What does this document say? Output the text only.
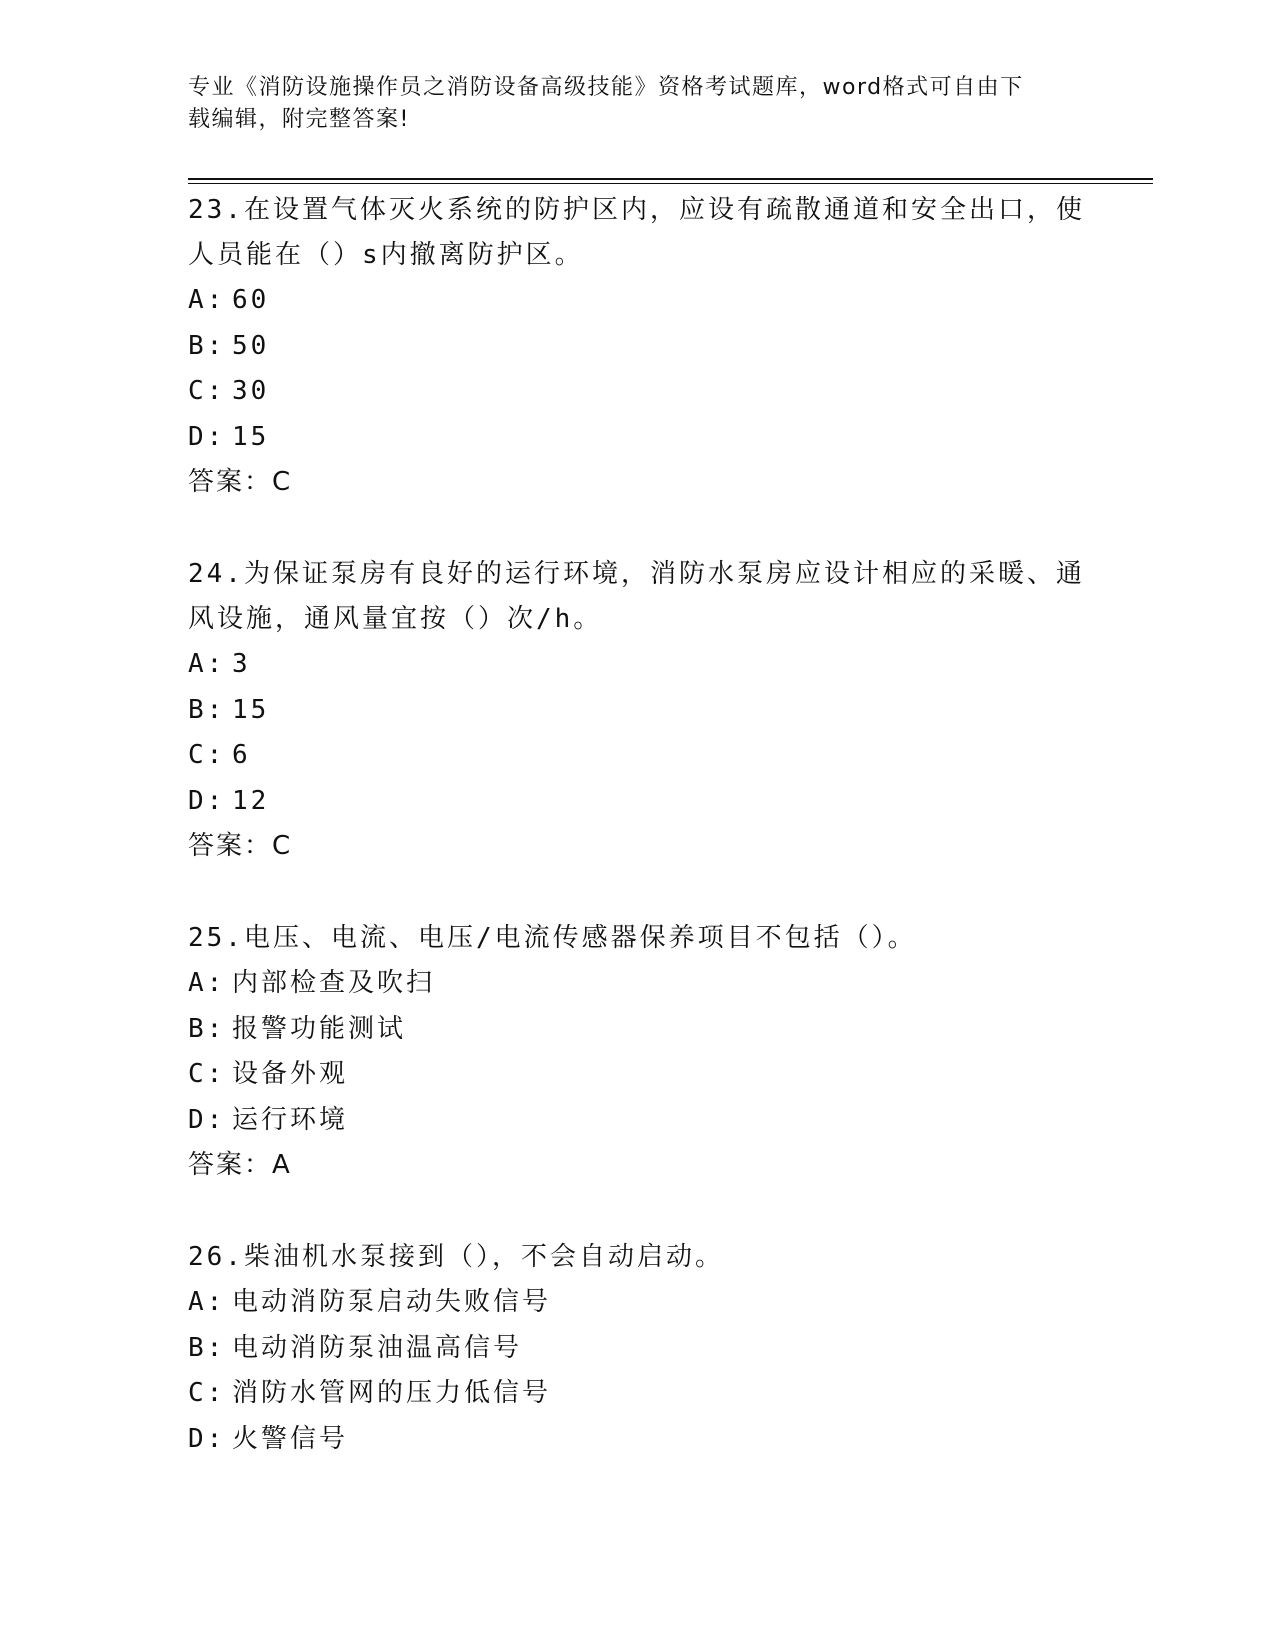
专业《消防设施操作员之消防设备高级技能》资格考试题库，word格式可自由下
载编辑，附完整答案!
23.在设置气体灭火系统的防护区内，应设有疏散通道和安全出口，使
人员能在（）s内撤离防护区。
A: 60
B: 50
C: 30
D: 15
答案：C
24.为保证泵房有良好的运行环境，消防水泵房应设计相应的采暖、通
风设施，通风量宜按（）次/h。
A: 3
B: 15
C: 6
D: 12
答案：C
25.电压、电流、电压/电流传感器保养项目不包括（）。
A: 内部检查及吹扫
B: 报警功能测试
C: 设备外观
D: 运行环境
答案：A
26.柴油机水泵接到（），不会自动启动。
A: 电动消防泵启动失败信号
B: 电动消防泵油温高信号
C: 消防水管网的压力低信号
D: 火警信号
